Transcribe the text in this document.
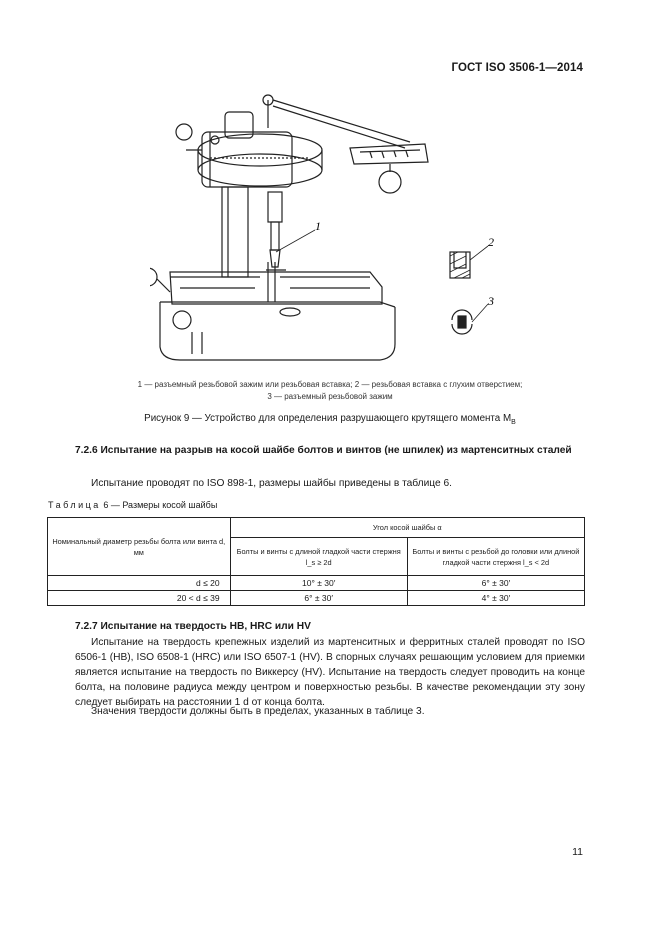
ГОСТ ISO 3506-1—2014
1
2
3
1 — разъемный резьбовой зажим или резьбовая вставка; 2 — резьбовая вставка с глухим отверстием;
3 — разъемный резьбовой зажим
Рисунок 9 — Устройство для определения разрушающего крутящего момента $M_B$
7.2.6 Испытание на разрыв на косой шайбе болтов и винтов (не шпилек) из мартенситных сталей
Испытание проводят по ISO 898-1, размеры шайбы приведены в таблице 6.
Таблица 6 — Размеры косой шайбы
Номинальный диаметр резьбы болта или винта d, мм	Угол косой шайбы α	
	Болты и винты с длиной гладкой части стержня l_s ≥ 2d	Болты и винты с резьбой до головки или длиной гладкой части стержня l_s < 2d
d ≤ 20	10° ± 30′	6° ± 30′
20 < d ≤ 39	6° ± 30′	4° ± 30′
7.2.7 Испытание на твердость HB, HRC или HV
Испытание на твердость крепежных изделий из мартенситных и ферритных сталей проводят по ISO 6506-1 (HB), ISO 6508-1 (HRC) или ISO 6507-1 (HV). В спорных случаях решающим условием для приемки является испытание на твердость по Виккерсу (HV). Испытание на твердость следует проводить на конце болта, на половине радиуса между центром и поверхностью резьбы. В качестве рекомендации эту зону следует выбирать на расстоянии 1 d от конца болта.
Значения твердости должны быть в пределах, указанных в таблице 3.
11
